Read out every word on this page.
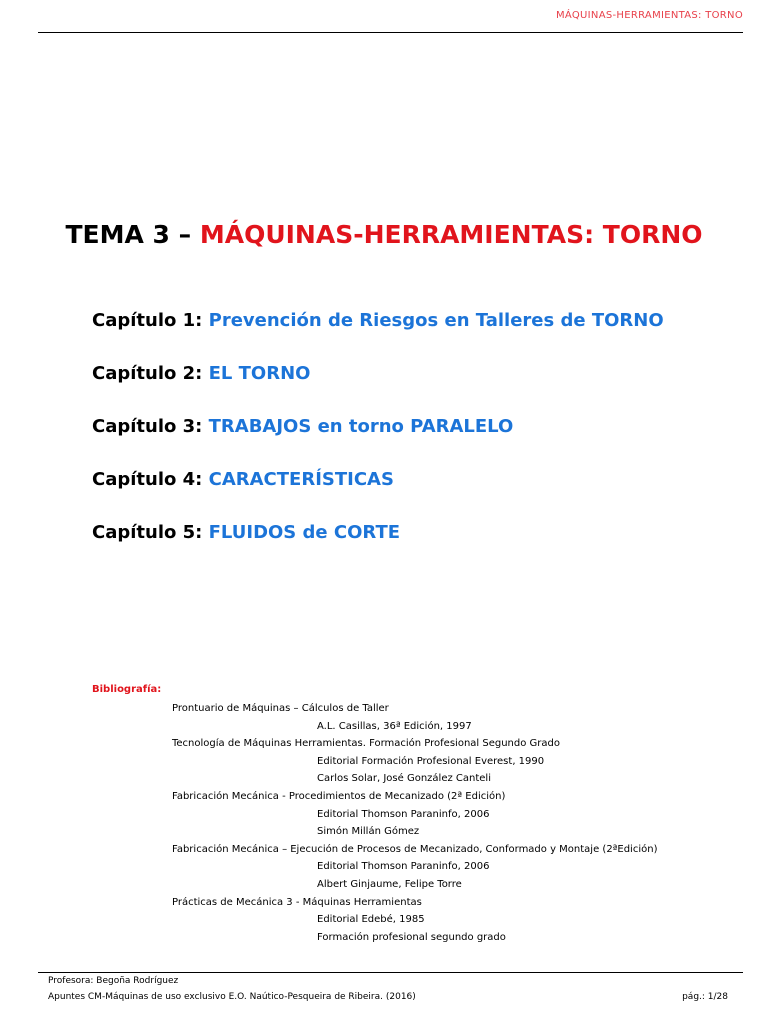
MÁQUINAS-HERRAMIENTAS: TORNO
TEMA 3 – MÁQUINAS-HERRAMIENTAS: TORNO
Capítulo 1: Prevención de Riesgos en Talleres de TORNO
Capítulo 2: EL TORNO
Capítulo 3: TRABAJOS en torno PARALELO
Capítulo 4: CARACTERÍSTICAS
Capítulo 5: FLUIDOS de CORTE
Bibliografía:
Prontuario de Máquinas – Cálculos de Taller
A.L. Casillas, 36ª Edición, 1997
Tecnología de Máquinas Herramientas. Formación Profesional Segundo Grado
Editorial Formación Profesional Everest, 1990
Carlos Solar, José González Canteli
Fabricación Mecánica - Procedimientos de Mecanizado (2ª Edición)
Editorial Thomson Paraninfo, 2006
Simón Millán Gómez
Fabricación Mecánica – Ejecución de Procesos de Mecanizado, Conformado y Montaje (2ªEdición)
Editorial Thomson Paraninfo, 2006
Albert Ginjaume, Felipe Torre
Prácticas de Mecánica 3 - Máquinas Herramientas
Editorial Edebé, 1985
Formación profesional segundo grado
Profesora: Begoña Rodríguez
Apuntes CM-Máquinas de uso exclusivo E.O. Naútico-Pesqueira de Ribeira. (2016)	pág.: 1/28
